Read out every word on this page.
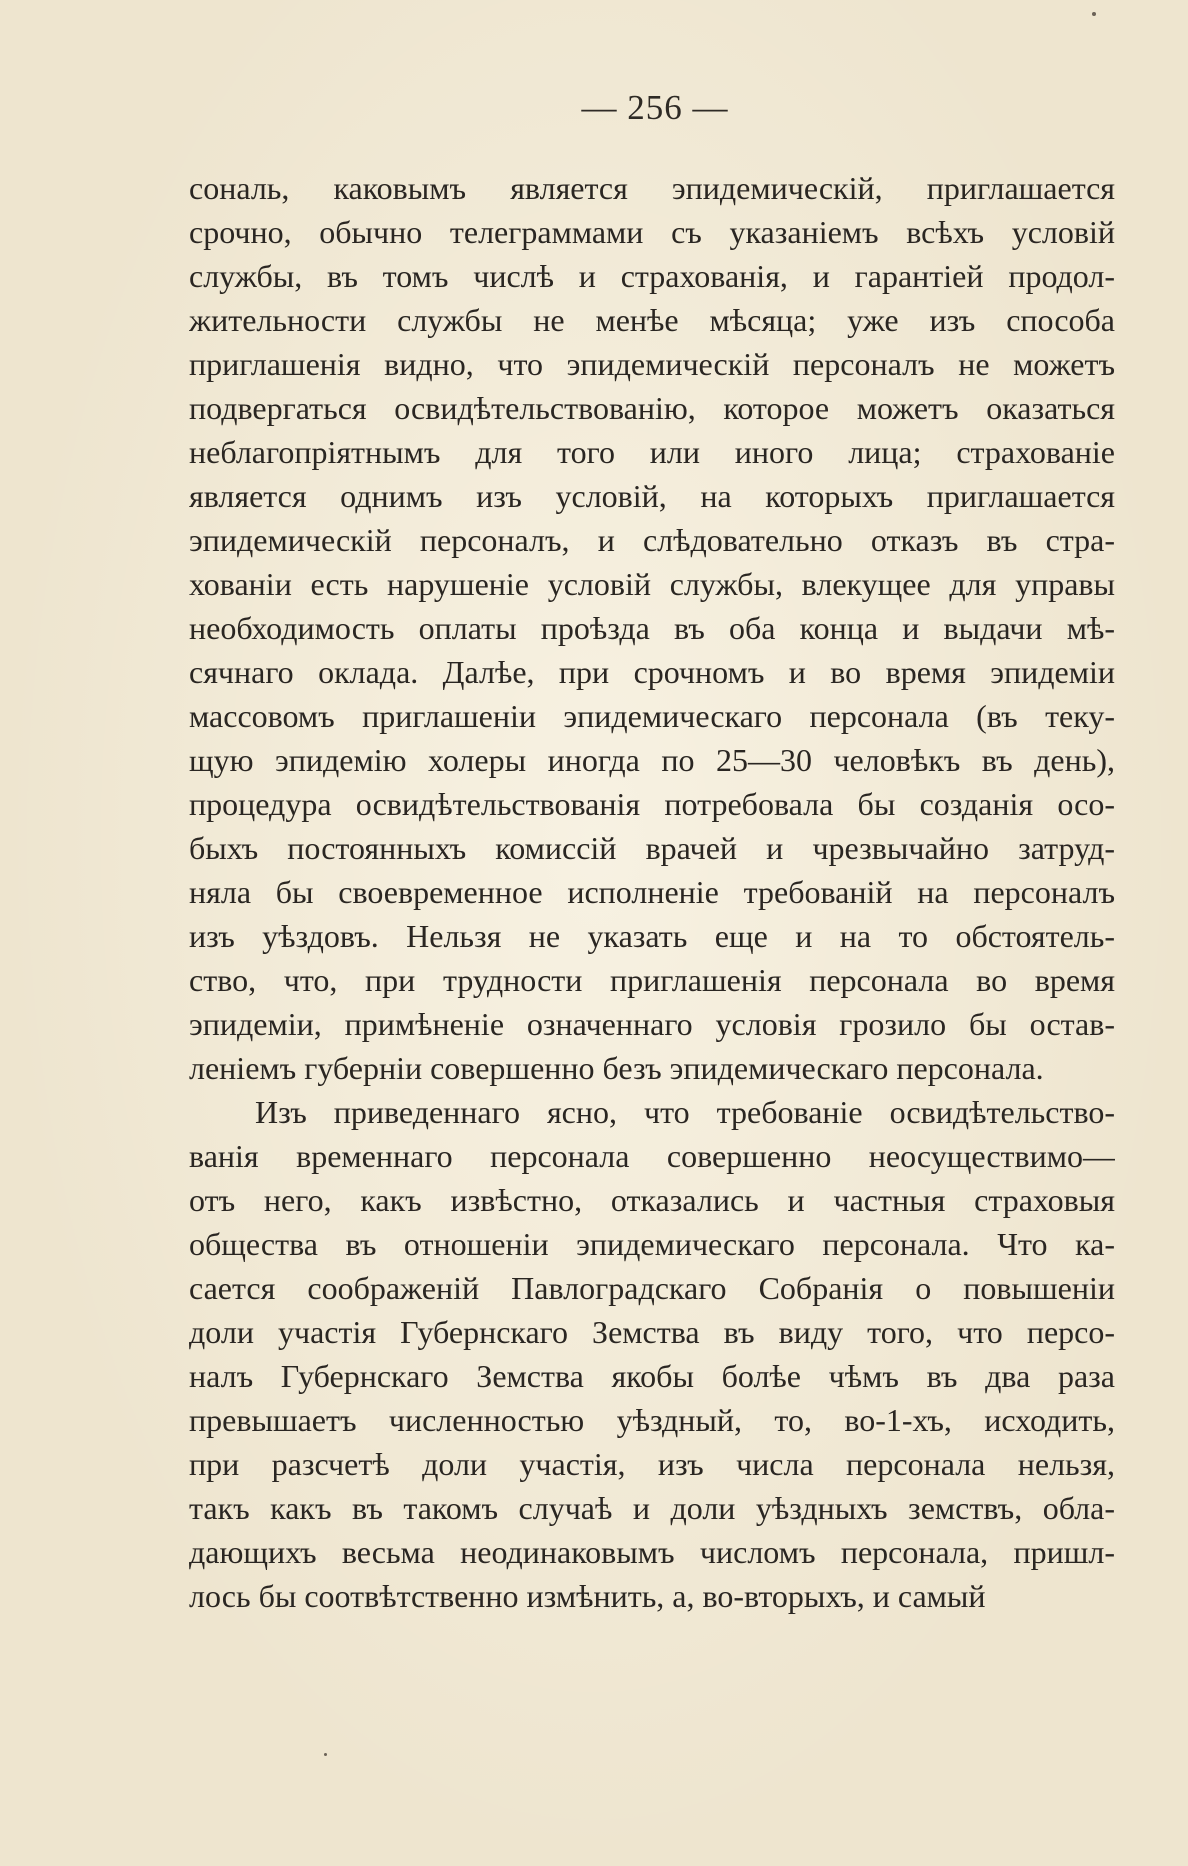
— 256 —
сональ, каковымъ является эпидемическій, приглашается
срочно, обычно телеграммами съ указаніемъ всѣхъ условій
службы, въ томъ числѣ и страхованія, и гарантіей продол-
жительности службы не менѣе мѣсяца; уже изъ способа
приглашенія видно, что эпидемическій персоналъ не можетъ
подвергаться освидѣтельствованію, которое можетъ оказаться
неблагопріятнымъ для того или иного лица; страхованіе
является однимъ изъ условій, на которыхъ приглашается
эпидемическій персоналъ, и слѣдовательно отказъ въ стра-
хованіи есть нарушеніе условій службы, влекущее для управы
необходимость оплаты проѣзда въ оба конца и выдачи мѣ-
сячнаго оклада. Далѣе, при срочномъ и во время эпидеміи
массовомъ приглашеніи эпидемическаго персонала (въ теку-
щую эпидемію холеры иногда по 25—30 человѣкъ въ день),
процедура освидѣтельствованія потребовала бы созданія осо-
быхъ постоянныхъ комиссій врачей и чрезвычайно затруд-
няла бы своевременное исполненіе требованій на персоналъ
изъ уѣздовъ. Нельзя не указать еще и на то обстоятель-
ство, что, при трудности приглашенія персонала во время
эпидеміи, примѣненіе означеннаго условія грозило бы остав-
леніемъ губерніи совершенно безъ эпидемическаго персонала.
Изъ приведеннаго ясно, что требованіе освидѣтельство-
ванія временнаго персонала совершенно неосуществимо—
отъ него, какъ извѣстно, отказались и частныя страховыя
общества въ отношеніи эпидемическаго персонала. Что ка-
сается соображеній Павлоградскаго Собранія о повышеніи
доли участія Губернскаго Земства въ виду того, что персо-
налъ Губернскаго Земства якобы болѣе чѣмъ въ два раза
превышаетъ численностью уѣздный, то, во-1-хъ, исходить,
при разсчетѣ доли участія, изъ числа персонала нельзя,
такъ какъ въ такомъ случаѣ и доли уѣздныхъ земствъ, обла-
дающихъ весьма неодинаковымъ числомъ персонала, пришл-
лось бы соотвѣтственно измѣнить, а, во-вторыхъ, и самый
